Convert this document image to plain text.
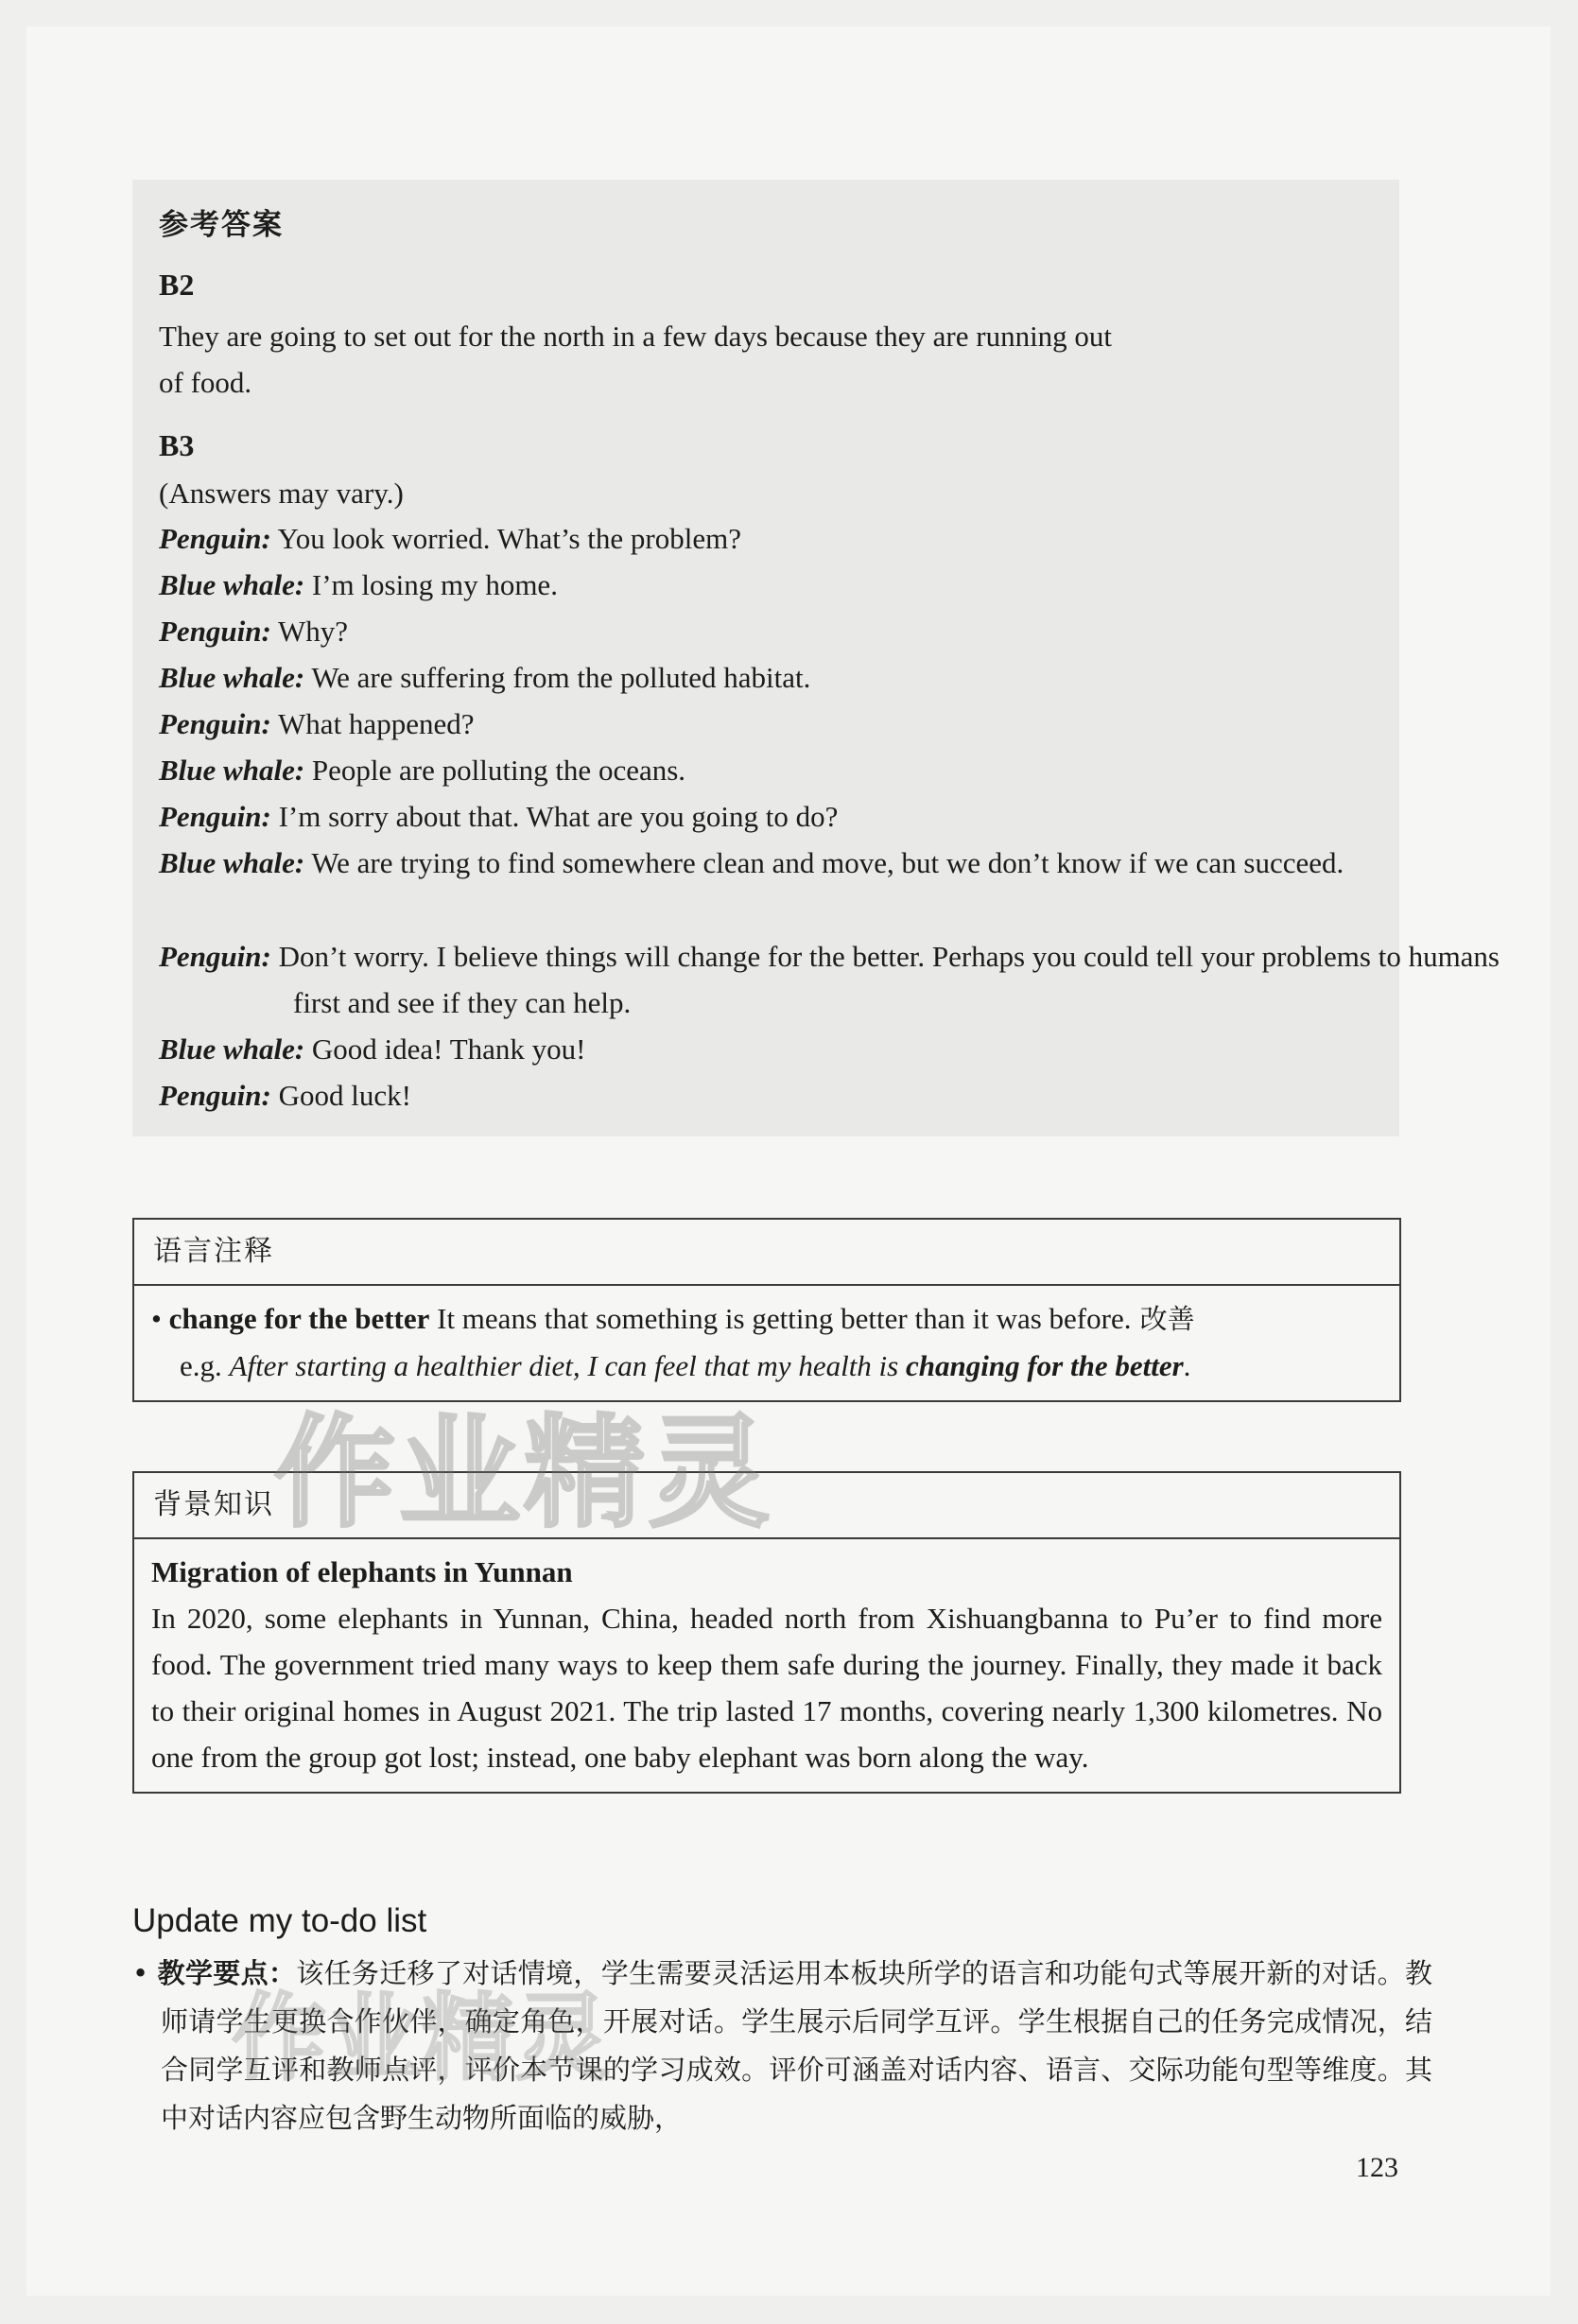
参考答案
B2
They are going to set out for the north in a few days because they are running out
of food.
B3
(Answers may vary.)
Penguin: You look worried. What’s the problem?
Blue whale: I’m losing my home.
Penguin: Why?
Blue whale: We are suffering from the polluted habitat.
Penguin: What happened?
Blue whale: People are polluting the oceans.
Penguin: I’m sorry about that. What are you going to do?
Blue whale: We are trying to find somewhere clean and move, but we don’t know if we can succeed.
Penguin: Don’t worry. I believe things will change for the better. Perhaps you could tell your problems to humans first and see if they can help.
Blue whale: Good idea! Thank you!
Penguin: Good luck!
语言注释
• change for the better It means that something is getting better than it was before. 改善
e.g. After starting a healthier diet, I can feel that my health is changing for the better.
背景知识
Migration of elephants in Yunnan
In 2020, some elephants in Yunnan, China, headed north from Xishuangbanna to Pu’er to find more food. The government tried many ways to keep them safe during the journey. Finally, they made it back to their original homes in August 2021. The trip lasted 17 months, covering nearly 1,300 kilometres. No one from the group got lost; instead, one baby elephant was born along the way.
作业精灵
Update my to-do list
• 教学要点：该任务迁移了对话情境，学生需要灵活运用本板块所学的语言和功能句式等展开新的对话。教师请学生更换合作伙伴，确定角色，开展对话。学生展示后同学互评。学生根据自己的任务完成情况，结合同学互评和教师点评，评价本节课的学习成效。评价可涵盖对话内容、语言、交际功能句型等维度。其中对话内容应包含野生动物所面临的威胁，
作业精灵
123
